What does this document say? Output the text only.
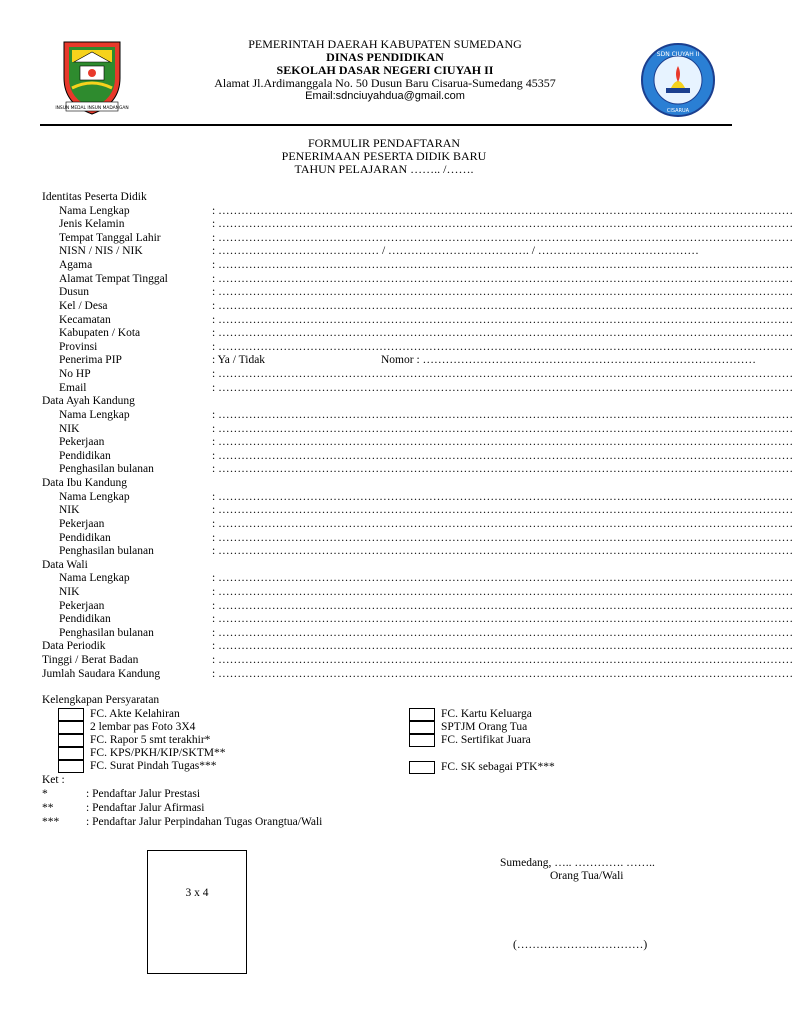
INSUN MEDAL INSUN MADANGAN
SDN CIUYAH II
CISARUA
PEMERINTAH DAERAH KABUPATEN SUMEDANG
DINAS PENDIDIKAN
SEKOLAH DASAR NEGERI CIUYAH II
Alamat Jl.Ardimanggala No. 50 Dusun Baru Cisarua-Sumedang 45357
Email:sdnciuyahdua@gmail.com
FORMULIR PENDAFTARAN
PENERIMAAN PESERTA DIDIK BARU
TAHUN PELAJARAN …….. /…….
Identitas Peserta Didik
Nama Lengkap	: ……………………………………………………………………………………………………………………………………
Jenis Kelamin	: ……………………………………………………………………………………………………………………………………
Tempat Tanggal Lahir	: ……………………………………………………………………………………………………………………………………
NISN / NIS / NIK	: …………………………………… / ………………………………. / ……………………………………
Agama	: ……………………………………………………………………………………………………………………………………
Alamat Tempat Tinggal	: ……………………………………………………………………………………………………………………………………
Dusun	: ……………………………………………………………………………………………………………………………………
Kel / Desa	: ……………………………………………………………………………………………………………………………………
Kecamatan	: ……………………………………………………………………………………………………………………………………
Kabupaten / Kota	: ……………………………………………………………………………………………………………………………………
Provinsi	: ……………………………………………………………………………………………………………………………………
Penerima PIP	: Ya / Tidak	Nomor : ……………………………………………………………………………
No HP	: ……………………………………………………………………………………………………………………………………
Email	: ……………………………………………………………………………………………………………………………………
Data Ayah Kandung
Nama Lengkap	: ……………………………………………………………………………………………………………………………………
NIK	: ……………………………………………………………………………………………………………………………………
Pekerjaan	: ……………………………………………………………………………………………………………………………………
Pendidikan	: ……………………………………………………………………………………………………………………………………
Penghasilan bulanan	: ……………………………………………………………………………………………………………………………………
Data Ibu Kandung
Nama Lengkap	: ……………………………………………………………………………………………………………………………………
NIK	: ……………………………………………………………………………………………………………………………………
Pekerjaan	: ……………………………………………………………………………………………………………………………………
Pendidikan	: ……………………………………………………………………………………………………………………………………
Penghasilan bulanan	: ……………………………………………………………………………………………………………………………………
Data Wali
Nama Lengkap	: ……………………………………………………………………………………………………………………………………
NIK	: ……………………………………………………………………………………………………………………………………
Pekerjaan	: ……………………………………………………………………………………………………………………………………
Pendidikan	: ……………………………………………………………………………………………………………………………………
Penghasilan bulanan	: ……………………………………………………………………………………………………………………………………
Data Periodik	: ……………………………………………………………………………………………………………………………………
Tinggi / Berat Badan	: ……………………………………………………………………………………………………………………………………
Jumlah Saudara Kandung	: ……………………………………………………………………………………………………………………………………
Kelengkapan Persyaratan
FC. Akte Kelahiran
2 lembar pas Foto 3X4
FC. Rapor 5 smt terakhir*
FC. KPS/PKH/KIP/SKTM**
FC. Surat Pindah Tugas***
FC. Kartu Keluarga
SPTJM Orang Tua
FC. Sertifikat Juara
FC. SK sebagai PTK***
Ket :
*	: Pendaftar Jalur Prestasi
**	: Pendaftar Jalur Afirmasi
*** : Pendaftar Jalur Perpindahan Tugas Orangtua/Wali
3 x 4
Sumedang, ….. …………. ……..
Orang Tua/Wali
(……………………………)
